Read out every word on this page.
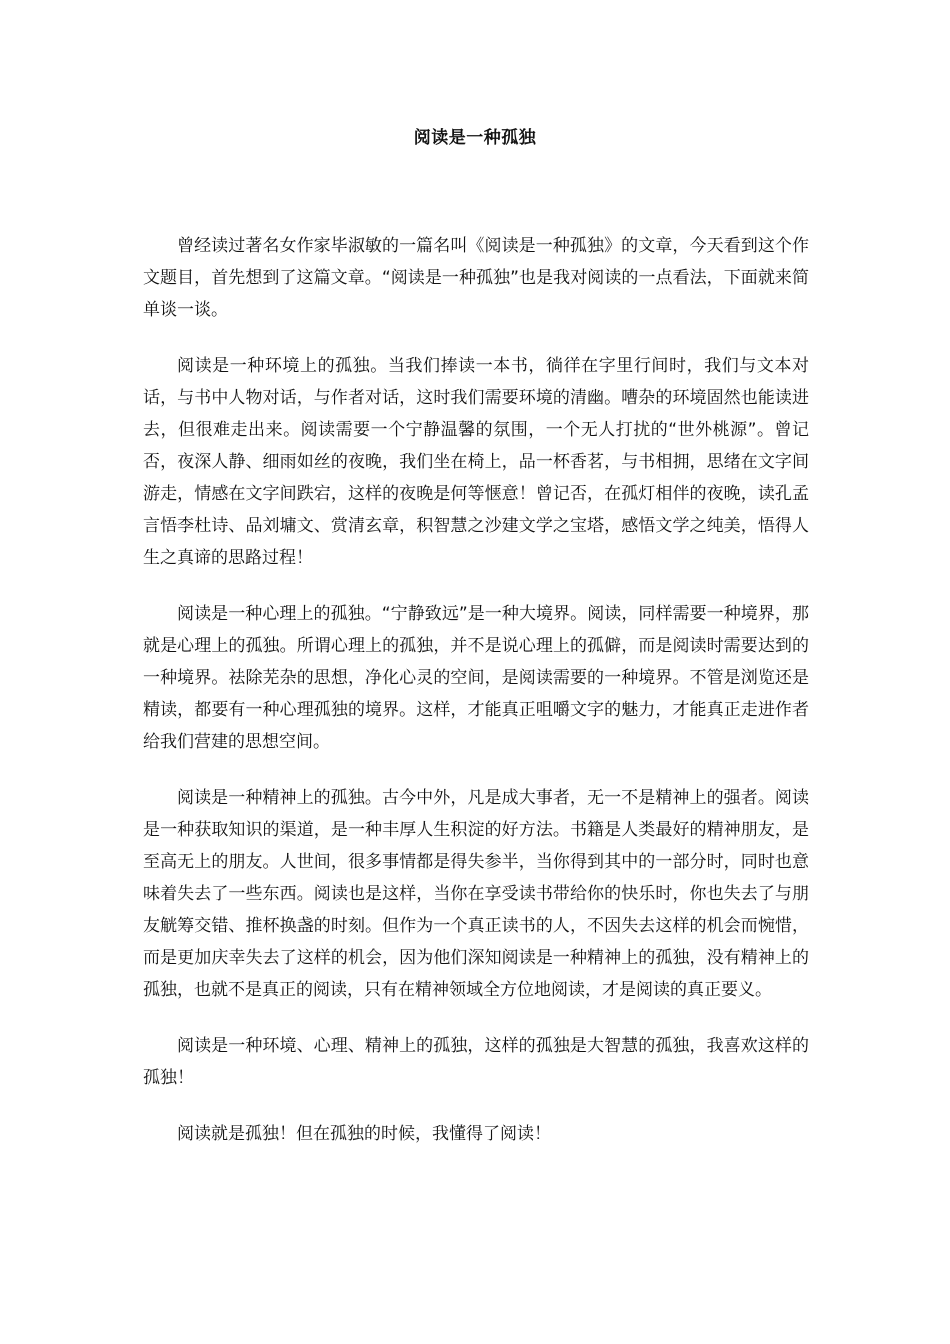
阅读是一种孤独

曾经读过著名女作家毕淑敏的一篇名叫《阅读是一种孤独》的文章，今天看到这个作文题目，首先想到了这篇文章。“阅读是一种孤独”也是我对阅读的一点看法，下面就来简单谈一谈。

阅读是一种环境上的孤独。当我们捧读一本书，徜徉在字里行间时，我们与文本对话，与书中人物对话，与作者对话，这时我们需要环境的清幽。嘈杂的环境固然也能读进去，但很难走出来。阅读需要一个宁静温馨的氛围，一个无人打扰的“世外桃源”。曾记否，夜深人静、细雨如丝的夜晚，我们坐在椅上，品一杯香茗，与书相拥，思绪在文字间游走，情感在文字间跌宕，这样的夜晚是何等惬意！曾记否，在孤灯相伴的夜晚，读孔孟言悟李杜诗、品刘墉文、赏清玄章，积智慧之沙建文学之宝塔，感悟文学之纯美，悟得人生之真谛的思路过程！

阅读是一种心理上的孤独。“宁静致远”是一种大境界。阅读，同样需要一种境界，那就是心理上的孤独。所谓心理上的孤独，并不是说心理上的孤僻，而是阅读时需要达到的一种境界。祛除芜杂的思想，净化心灵的空间，是阅读需要的一种境界。不管是浏览还是精读，都要有一种心理孤独的境界。这样，才能真正咀嚼文字的魅力，才能真正走进作者给我们营建的思想空间。

阅读是一种精神上的孤独。古今中外，凡是成大事者，无一不是精神上的强者。阅读是一种获取知识的渠道，是一种丰厚人生积淀的好方法。书籍是人类最好的精神朋友，是至高无上的朋友。人世间，很多事情都是得失参半，当你得到其中的一部分时，同时也意味着失去了一些东西。阅读也是这样，当你在享受读书带给你的快乐时，你也失去了与朋友觥筹交错、推杯换盏的时刻。但作为一个真正读书的人，不因失去这样的机会而惋惜，而是更加庆幸失去了这样的机会，因为他们深知阅读是一种精神上的孤独，没有精神上的孤独，也就不是真正的阅读，只有在精神领域全方位地阅读，才是阅读的真正要义。

阅读是一种环境、心理、精神上的孤独，这样的孤独是大智慧的孤独，我喜欢这样的孤独！

阅读就是孤独！但在孤独的时候，我懂得了阅读！
